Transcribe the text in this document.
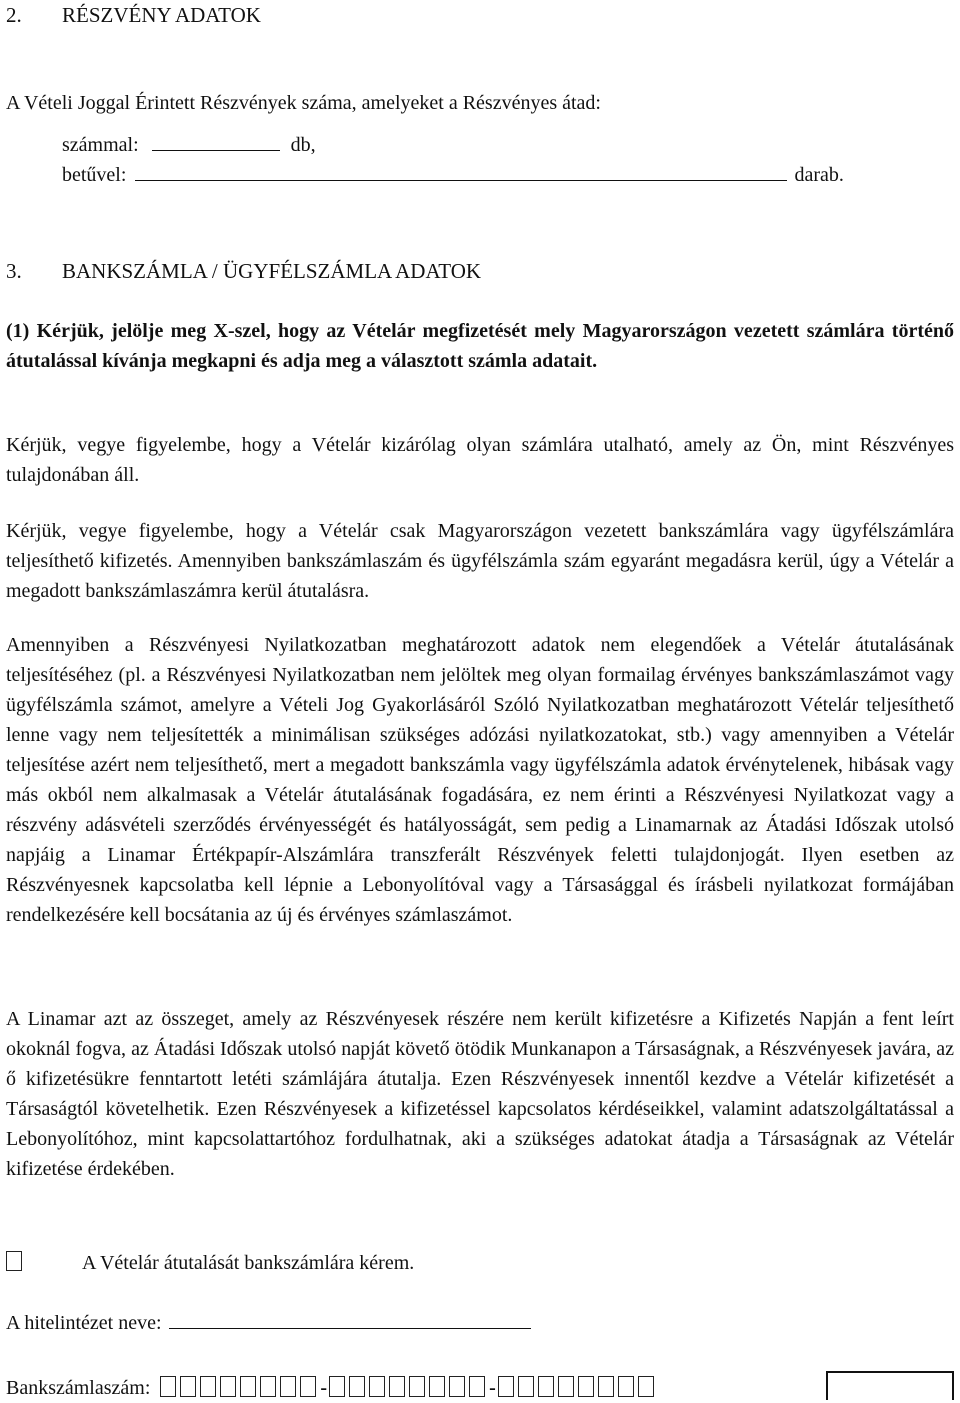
2. RÉSZVÉNY ADATOK
A Vételi Joggal Érintett Részvények száma, amelyeket a Részvényes átad:
számmal:	db,
betűvel:	darab.
3. BANKSZÁMLA / ÜGYFÉLSZÁMLA ADATOK
(1) Kérjük, jelölje meg X-szel, hogy az Vételár megfizetését mely Magyarországon vezetett számlára történő átutalással kívánja megkapni és adja meg a választott számla adatait.
Kérjük, vegye figyelembe, hogy a Vételár kizárólag olyan számlára utalható, amely az Ön, mint Részvényes tulajdonában áll.
Kérjük, vegye figyelembe, hogy a Vételár csak Magyarországon vezetett bankszámlára vagy ügyfélszámlára teljesíthető kifizetés. Amennyiben bankszámlaszám és ügyfélszámla szám egyaránt megadásra kerül, úgy a Vételár a megadott bankszámlaszámra kerül átutalásra.
Amennyiben a Részvényesi Nyilatkozatban meghatározott adatok nem elegendőek a Vételár átutalásának teljesítéséhez (pl. a Részvényesi Nyilatkozatban nem jelöltek meg olyan formailag érvényes bankszámlaszámot vagy ügyfélszámla számot, amelyre a Vételi Jog Gyakorlásáról Szóló Nyilatkozatban meghatározott Vételár teljesíthető lenne vagy nem teljesítették a minimálisan szükséges adózási nyilatkozatokat, stb.) vagy amennyiben a Vételár teljesítése azért nem teljesíthető, mert a megadott bankszámla vagy ügyfélszámla adatok érvénytelenek, hibásak vagy más okból nem alkalmasak a Vételár átutalásának fogadására, ez nem érinti a Részvényesi Nyilatkozat vagy a részvény adásvételi szerződés érvényességét és hatályosságát, sem pedig a Linamarnak az Átadási Időszak utolsó napjáig a Linamar Értékpapír-Alszámlára transzferált Részvények feletti tulajdonjogát. Ilyen esetben az Részvényesnek kapcsolatba kell lépnie a Lebonyolítóval vagy a Társasággal és írásbeli nyilatkozat formájában rendelkezésére kell bocsátania az új és érvényes számlaszámot.
A Linamar azt az összeget, amely az Részvényesek részére nem került kifizetésre a Kifizetés Napján a fent leírt okoknál fogva, az Átadási Időszak utolsó napját követő ötödik Munkanapon a Társaságnak, a Részvényesek javára, az ő kifizetésükre fenntartott letéti számlájára átutalja. Ezen Részvényesek innentől kezdve a Vételár kifizetését a Társaságtól követelhetik. Ezen Részvényesek a kifizetéssel kapcsolatos kérdéseikkel, valamint adatszolgáltatással a Lebonyolítóhoz, mint kapcsolattartóhoz fordulhatnak, aki a szükséges adatokat átadja a Társaságnak az Vételár kifizetése érdekében.
A Vételár átutalását bankszámlára kérem.
A hitelintézet neve:
Bankszámlaszám:	-	-
